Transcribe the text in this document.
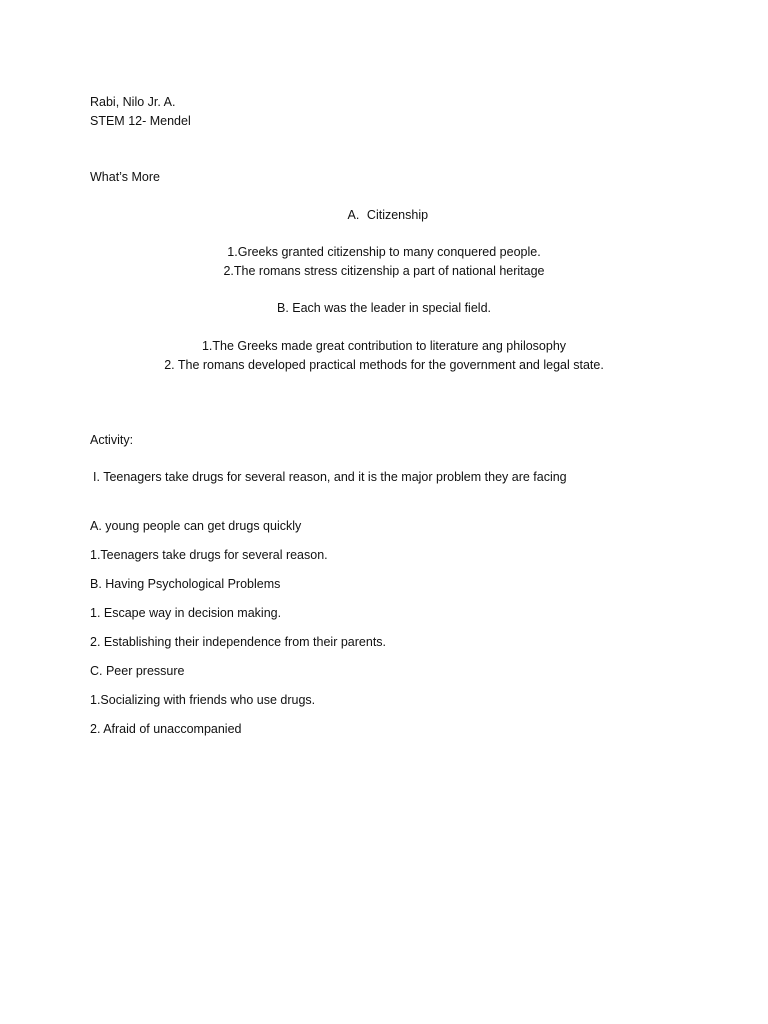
Rabi, Nilo Jr. A.
STEM 12- Mendel
What’s More
A. Citizenship
1.Greeks granted citizenship to many conquered people.
2.The romans stress citizenship a part of national heritage
B. Each was the leader in special field.
1.The Greeks made great contribution to literature ang philosophy
2. The romans developed practical methods for the government and legal state.
Activity:
I. Teenagers take drugs for several reason, and it is the major problem they are facing
A. young people can get drugs quickly
1.Teenagers take drugs for several reason.
B. Having Psychological Problems
1. Escape way in decision making.
2. Establishing their independence from their parents.
C. Peer pressure
1.Socializing with friends who use drugs.
2. Afraid of unaccompanied
